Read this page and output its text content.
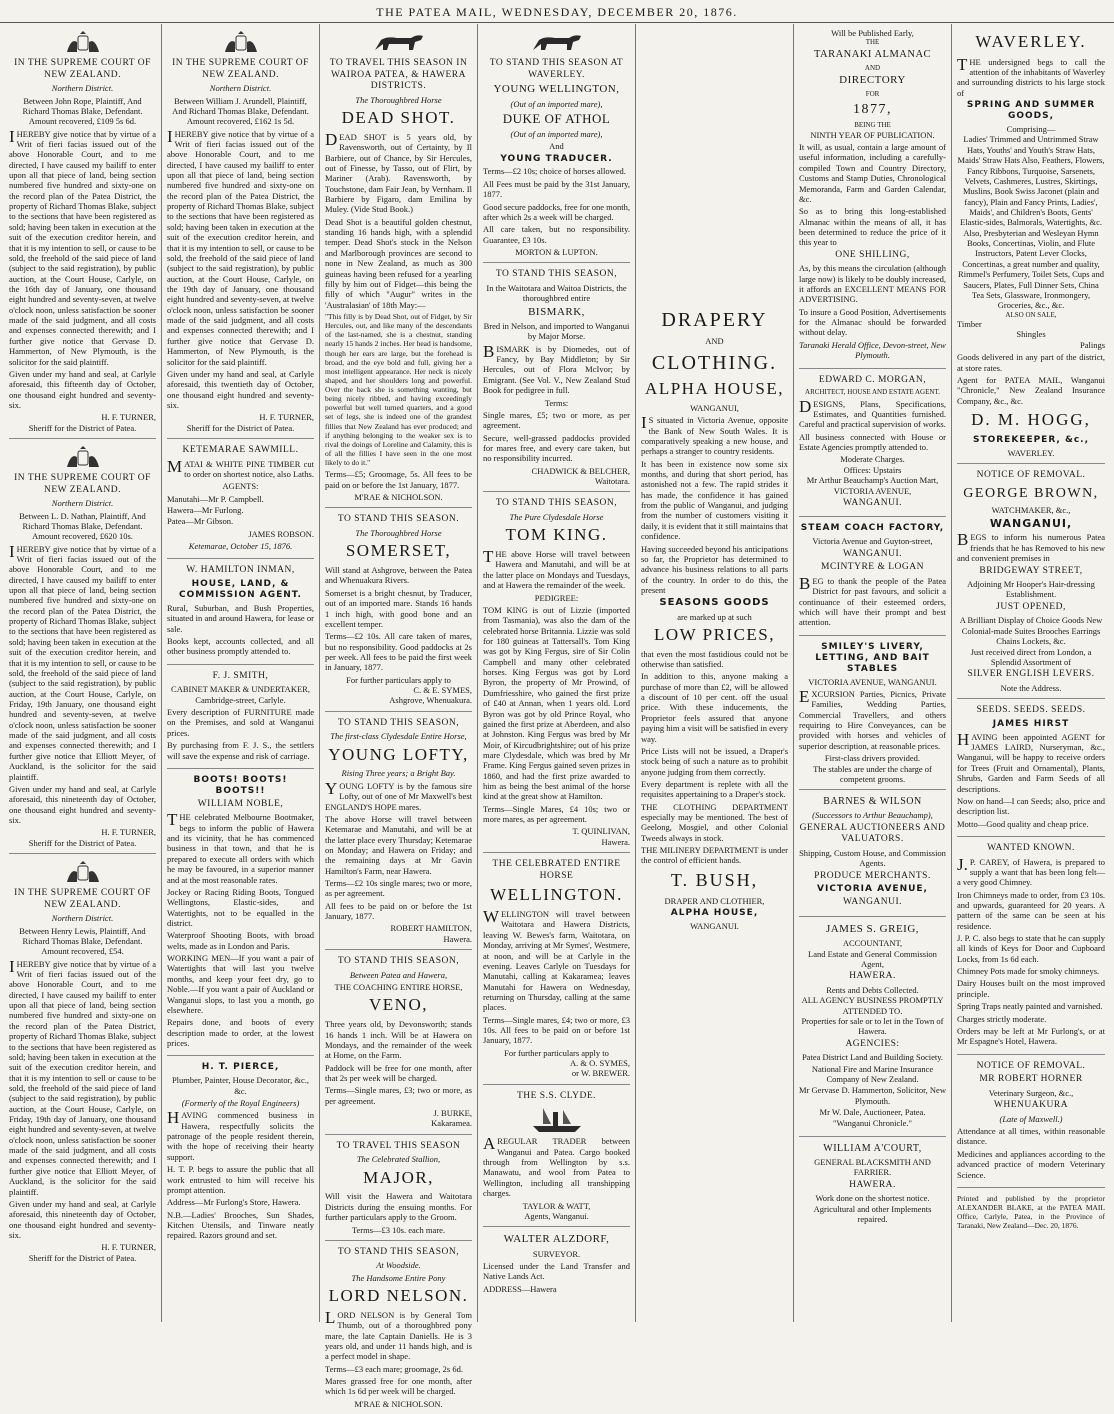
THE PATEA MAIL, WEDNESDAY, DECEMBER 20, 1876.
IN THE SUPREME COURT OF NEW ZEALAND.
Northern District.
Between John Rope, Plaintiff, And Richard Thomas Blake, Defendant.
Amount recovered, £109 5s 6d.
IHEREBY give notice that by virtue of a Writ of fieri facias issued out of the above Honorable Court, and to me directed, I have caused my bailiff to enter upon all that piece of land, being section numbered five hundred and sixty-one on the record plan of the Patea District, the property of Richard Thomas Blake, subject to the sections that have been registered as sold; having been taken in execution at the suit of the execution creditor herein, and that it is my intention to sell, or cause to be sold, the freehold of the said piece of land (subject to the said registration), by public auction, at the Court House, Carlyle, on the 16th day of January, one thousand eight hundred and seventy-seven, at twelve o'clock noon, unless satisfaction be sooner made of the said judgment, and all costs and expenses connected therewith; and I further give notice that Gervase D. Hammerton, of New Plymouth, is the solicitor for the said plaintiff.
Given under my hand and seal, at Carlyle aforesaid, this fifteenth day of October, one thousand eight hundred and seventy-six.
H. F. TURNER,
Sheriff for the District of Patea.
IN THE SUPREME COURT OF NEW ZEALAND.
Northern District.
Between L. D. Nathan, Plaintiff, And Richard Thomas Blake, Defendant.
Amount recovered, £620 10s.
IHEREBY give notice that by virtue of a Writ of fieri facias issued out of the above Honorable Court, and to me directed, I have caused my bailiff to enter upon all that piece of land, being section numbered five hundred and sixty-one on the record plan of the Patea District, the property of Richard Thomas Blake, subject to the sections that have been registered as sold; having been taken in execution at the suit of the execution creditor herein, and that it is my intention to sell, or cause to be sold, the freehold of the said piece of land (subject to the said registration), by public auction, at the Court House, Carlyle, on Friday, 19th January, one thousand eight hundred and seventy-seven, at twelve o'clock noon, unless satisfaction be sooner made of the said judgment, and all costs and expenses connected therewith; and I further give notice that Elliott Meyer, of Auckland, is the solicitor for the said plaintiff.
Given under my hand and seal, at Carlyle aforesaid, this nineteenth day of October, one thousand eight hundred and seventy-six.
H. F. TURNER,
Sheriff for the District of Patea.
IN THE SUPREME COURT OF NEW ZEALAND.
Northern District.
Between Henry Lewis, Plaintiff, And Richard Thomas Blake, Defendant.
Amount recovered, £54.
IHEREBY give notice that by virtue of a Writ of fieri facias issued out of the above Honorable Court, and to me directed, I have caused my bailiff to enter upon all that piece of land, being section numbered five hundred and sixty-one on the record plan of the Patea District, property of Richard Thomas Blake, subject to the sections that have been registered as sold; having been taken in execution at the suit of the execution creditor herein, and that it is my intention to sell or cause to be sold, the freehold of the said piece of land (subject to the said registration), by public auction, at the Court House, Carlyle, on Friday, 19th day of January, one thousand eight hundred and seventy-seven, at twelve o'clock noon, unless satisfaction be sooner made of the said judgment, and all costs and expenses connected therewith; and I further give notice that Elliott Meyer, of Auckland, is the solicitor for the said plaintiff.
Given under my hand and seal, at Carlyle aforesaid, this nineteenth day of October, one thousand eight hundred and seventy-six.
H. F. TURNER,
Sheriff for the District of Patea.
IN THE SUPREME COURT OF NEW ZEALAND.
Northern District.
Between William J. Arundell, Plaintiff, And Richard Thomas Blake, Defendant.
Amount recovered, £162 1s 5d.
IHEREBY give notice that by virtue of a Writ of fieri facias issued out of the above Honorable Court, and to me directed, I have caused my bailiff to enter upon all that piece of land, being section numbered five hundred and sixty-one on the record plan of the Patea District, the property of Richard Thomas Blake, subject to the sections that have been registered as sold; having been taken in execution at the suit of the execution creditor herein, and that it is my intention to sell, or cause to be sold, the freehold of the said piece of land (subject to the said registration), by public auction, at the Court House, Carlyle, on the 19th day of January, one thousand eight hundred and seventy-seven, at twelve o'clock noon, unless satisfaction be sooner made of the said judgment, and all costs and expenses connected therewith; and I further give notice that Gervase D. Hammerton, of New Plymouth, is the solicitor for the said plaintiff.
Given under my hand and seal, at Carlyle aforesaid, this twentieth day of October, one thousand eight hundred and seventy-six.
H. F. TURNER,
Sheriff for the District of Patea.
KETEMARAE SAWMILL.
MATAI & WHITE PINE TIMBER cut to order on shortest notice, also Laths.
AGENTS:
Manutahi—Mr P. Campbell.
Hawera—Mr Furlong.
Patea—Mr Gibson.
JAMES ROBSON.
Ketemarae, October 15, 1876.
W. HAMILTON INMAN,
HOUSE, LAND, & COMMISSION AGENT.
Rural, Suburban, and Bush Properties, situated in and around Hawera, for lease or sale.
Books kept, accounts collected, and all other business promptly attended to.
F. J. SMITH,
CABINET MAKER & UNDERTAKER, Cambridge-street, Carlyle.
Every description of FURNITURE made on the Premises, and sold at Wanganui prices.
By purchasing from F. J. S., the settlers will save the expense and risk of carriage.
BOOTS! BOOTS! BOOTS!!
WILLIAM NOBLE,
THE celebrated Melbourne Bootmaker, begs to inform the public of Hawera and its vicinity, that he has commenced business in that town, and that he is prepared to execute all orders with which he may be favoured, in a superior manner and at the most reasonable rates.
Jockey or Racing Riding Boots, Tongued Wellingtons, Elastic-sides, and Watertights, not to be equalled in the district.
Waterproof Shooting Boots, with broad welts, made as in London and Paris.
WORKING MEN—If you want a pair of Watertights that will last you twelve months, and keep your feet dry, go to Noble.—If you want a pair of Auckland or Wanganui slops, to last you a month, go elsewhere.
Repairs done, and boots of every description made to order, at the lowest prices.
H. T. PIERCE,
Plumber, Painter, House Decorator, &c., &c.
(Formerly of the Royal Engineers)
HAVING commenced business in Hawera, respectfully solicits the patronage of the people resident therein, with the hope of receiving their hearty support.
H. T. P. begs to assure the public that all work entrusted to him will receive his prompt attention.
Address—Mr Furlong's Store, Hawera.
N.B.—Ladies' Brooches, Sun Shades, Kitchen Utensils, and Tinware neatly repaired. Razors ground and set.
TO TRAVEL THIS SEASON IN WAIROA PATEA, & HAWERA DISTRICTS.
The Thoroughbred Horse
DEAD SHOT.
DEAD SHOT is 5 years old, by Ravensworth, out of Certainty, by Il Barbiere, out of Chance, by Sir Hercules, out of Finesse, by Tasso, out of Flirt, by Mariner (Arab). Ravensworth, by Touchstone, dam Fair Jean, by Vernham. Il Barbiere by Figaro, dam Emilina by Muley. (Vide Stud Book.)
Dead Shot is a beautiful golden chestnut, standing 16 hands high, with a splendid temper. Dead Shot's stock in the Nelson and Marlborough provinces are second to none in New Zealand, as much as 300 guineas having been refused for a yearling filly by him out of Fidget—this being the filly of which "Augur" writes in the 'Australasian' of 18th May:—
"This filly is by Dead Shot, out of Fidget, by Sir Hercules, out, and like many of the descendants of the last-named, she is a chestnut, standing nearly 15 hands 2 inches. Her head is handsome, though her ears are large, but the forehead is broad, and the eye bold and full, giving her a most intelligent appearance. Her neck is nicely shaped, and her shoulders long and powerful. Over the back she is something wanting, but being nicely ribbed, and having exceedingly powerful but well turned quarters, and a good set of legs, she is indeed one of the grandest fillies that New Zealand has ever produced; and if anything belonging to the weaker sex is to rival the doings of Loreline and Calamity, this is of all the fillies I have seen in the one most likely to do it."
Terms—£5; Groomage, 5s. All fees to be paid on or before the 1st January, 1877.
M'RAE & NICHOLSON.
TO STAND THIS SEASON.
The Thoroughbred Horse
SOMERSET,
Will stand at Ashgrove, between the Patea and Whenuakura Rivers.
Somerset is a bright chesnut, by Traducer, out of an imported mare. Stands 16 hands 1 inch high, with good bone and an excellent temper.
Terms—£2 10s. All care taken of mares, but no responsibility. Good paddocks at 2s per week. All fees to be paid the first week in January, 1877.
For further particulars apply to
C. & E. SYMES,
Ashgrove, Whenuakura.
TO STAND THIS SEASON,
The first-class Clydesdale Entire Horse,
YOUNG LOFTY,
Rising Three years; a Bright Bay.
YOUNG LOFTY is by the famous sire Lofty, out of one of Mr Maxwell's best ENGLAND'S HOPE mares.
The above Horse will travel between Ketemarae and Manutahi, and will be at the latter place every Thursday; Ketemarae on Monday; and Hawera on Friday; and the remaining days at Mr Gavin Hamilton's Farm, near Hawera.
Terms—£2 10s single mares; two or more, as per agreement.
All fees to be paid on or before the 1st January, 1877.
ROBERT HAMILTON,
Hawera.
TO STAND THIS SEASON,
Between Patea and Hawera,
THE COACHING ENTIRE HORSE,
VENO,
Three years old, by Devonsworth; stands 16 hands 1 inch. Will be at Hawera on Mondays, and the remainder of the week at Home, on the Farm.
Paddock will be free for one month, after that 2s per week will be charged.
Terms—Single mares, £3; two or more, as per agreement.
J. BURKE,
Kakaramea.
TO TRAVEL THIS SEASON
The Celebrated Stallion,
MAJOR,
Will visit the Hawera and Waitotara Districts during the ensuing months. For further particulars apply to the Groom.
Terms—£3 10s. each mare.
TO STAND THIS SEASON,
At Woodside.
The Handsome Entire Pony
LORD NELSON.
LORD NELSON is by General Tom Thumb, out of a thoroughbred pony mare, the late Captain Daniells. He is 3 years old, and under 11 hands high, and is a perfect model in shape.
Terms—£3 each mare; groomage, 2s 6d.
Mares grassed free for one month, after which 1s 6d per week will be charged.
M'RAE & NICHOLSON.
TO STAND THIS SEASON AT WAVERLEY.
YOUNG WELLINGTON,
(Out of an imported mare),
DUKE OF ATHOL
(Out of an imported mare),
And
YOUNG TRADUCER.
Terms—£2 10s; choice of horses allowed.
All Fees must be paid by the 31st January, 1877.
Good secure paddocks, free for one month, after which 2s a week will be charged.
All care taken, but no responsibility. Guarantee, £3 10s.
MORTON & LUPTON.
TO STAND THIS SEASON,
In the Waitotara and Waitoa Districts, the thoroughbred entire
BISMARK,
Bred in Nelson, and imported to Wanganui by Major Morse.
BISMARK is by Diomedes, out of Fancy, by Bay Middleton; by Sir Hercules, out of Flora McIvor; by Emigrant. (See Vol. V., New Zealand Stud Book for pedigree in full.
Terms:
Single mares, £5; two or more, as per agreement.
Secure, well-grassed paddocks provided for mares free, and every care taken, but no responsibility incurred.
CHADWICK & BELCHER,
Waitotara.
TO STAND THIS SEASON,
The Pure Clydesdale Horse
TOM KING.
THE above Horse will travel between Hawera and Manutahi, and will be at the latter place on Mondays and Tuesdays, and at Hawera the remainder of the week.
PEDIGREE:
TOM KING is out of Lizzie (imported from Tasmania), was also the dam of the celebrated horse Britannia. Lizzie was sold for 180 guineas at Tattersall's. Tom King was got by King Fergus, sire of Sir Colin Campbell and many other celebrated horses. King Fergus was got by Lord Byron, the property of Mr Prowind, of Dumfriesshire, who gained the first prize of £40 at Annan, when 1 years old. Lord Byron was got by old Prince Royal, who gained the first prize at Aberdeen, and also at Johnston. King Fergus was bred by Mr Moir, of Kircudbrightshire; out of his prize mare Clydesdale, which was bred by Mr Frame. King Fergus gained seven prizes in 1860, and had the first prize awarded to him as being the best animal of the horse kind at the great show at Hamilton.
Terms—Single Mares, £4 10s; two or more mares, as per agreement.
T. QUINLIVAN,
Hawera.
THE CELEBRATED ENTIRE HORSE
WELLINGTON.
WELLINGTON will travel between Waitotara and Hawera Districts, leaving W. Bewes's farm, Waitotara, on Monday, arriving at Mr Symes', Westmere, at noon, and will be at Carlyle in the evening. Leaves Carlyle on Tuesdays for Manutahi, calling at Kakaramea; leaves Manutahi for Hawera on Wednesday, returning on Thursday, calling at the same places.
Terms—Single mares, £4; two or more, £3 10s. All fees to be paid on or before 1st January, 1877.
For further particulars apply to
A. & O. SYMES,
or W. BREWER.
THE S.S. CLYDE.
AREGULAR TRADER between Wanganui and Patea. Cargo booked through from Wellington by s.s. Manawatu, and wool from Patea to Wellington, including all transhipping charges.
TAYLOR & WATT,
Agents, Wanganui.
WALTER ALZDORF,
SURVEYOR.
Licensed under the Land Transfer and Native Lands Act.
ADDRESS—Hawera
DRAPERY
AND
CLOTHING.
ALPHA HOUSE,
WANGANUI,
IS situated in Victoria Avenue, opposite the Bank of New South Wales. It is comparatively speaking a new house, and perhaps a stranger to country residents.
It has been in existence now some six months, and during that short period, has astonished not a few. The rapid strides it has made, the confidence it has gained from the public of Wanganui, and judging from the number of customers visiting it daily, it is evident that it still maintains that confidence.
Having succeeded beyond his anticipations so far, the Proprietor has determined to advance his business relations to all parts of the country. In order to do this, the present
SEASONS GOODS
are marked up at such
LOW PRICES,
that even the most fastidious could not be otherwise than satisfied.
In addition to this, anyone making a purchase of more than £2, will be allowed a discount of 10 per cent. off the usual price. With these inducements, the Proprietor feels assured that anyone paying him a visit will be satisfied in every way.
Price Lists will not be issued, a Draper's stock being of such a nature as to prohibit anyone judging from them correctly.
Every department is replete with all the requisites appertaining to a Draper's stock.
THE CLOTHING DEPARTMENT especially may be mentioned. The best of Geelong, Mosgiel, and other Colonial Tweeds always in stock.
THE MILINERY DEPARTMENT is under the control of efficient hands.
T. BUSH,
DRAPER AND CLOTHIER,
ALPHA HOUSE,
WANGANUI.
Will be Published Early,
THE
TARANAKI ALMANAC
AND
DIRECTORY
FOR
1877,
BEING THE
NINTH YEAR OF PUBLICATION.
It will, as usual, contain a large amount of useful information, including a carefully-compiled Town and Country Directory, Customs and Stamp Duties, Chronological Memoranda, Farm and Garden Calendar, &c.
So as to bring this long-established Almanac within the means of all, it has been determined to reduce the price of it this year to
ONE SHILLING,
As, by this means the circulation (although large now) is likely to be doubly increased, it affords an EXCELLENT MEANS FOR ADVERTISING.
To insure a Good Position, Advertisements for the Almanac should be forwarded without delay.
Taranaki Herald Office, Devon-street, New Plymouth.
EDWARD C. MORGAN,
ARCHITECT, HOUSE AND ESTATE AGENT.
DESIGNS, Plans, Specifications, Estimates, and Quantities furnished. Careful and practical supervision of works.
All business connected with House or Estate Agencies promptly attended to.
Moderate Charges.
Offices: Upstairs
Mr Arthur Beauchamp's Auction Mart, VICTORIA AVENUE,
WANGANUI.
STEAM COACH FACTORY,
Victoria Avenue and Guyton-street,
WANGANUI.
MCINTYRE & LOGAN
BEG to thank the people of the Patea District for past favours, and solicit a continuance of their esteemed orders, which will have their prompt and best attention.
SMILEY'S LIVERY, LETTING, AND BAIT STABLES
VICTORIA AVENUE, WANGANUI.
EXCURSION Parties, Picnics, Private Families, Wedding Parties, Commercial Travellers, and others requiring to Hire Conveyances, can be provided with horses and vehicles of superior description, at reasonable prices.
First-class drivers provided.
The stables are under the charge of competent grooms.
BARNES & WILSON
(Successors to Arthur Beauchamp),
GENERAL AUCTIONEERS AND VALUATORS.
Shipping, Custom House, and Commission Agents.
PRODUCE MERCHANTS.
VICTORIA AVENUE,
WANGANUI.
JAMES S. GREIG,
ACCOUNTANT,
Land Estate and General Commission Agent,
HAWERA.
Rents and Debts Collected.
ALL AGENCY BUSINESS PROMPTLY ATTENDED TO.
Properties for sale or to let in the Town of Hawera.
AGENCIES:
Patea District Land and Building Society.
National Fire and Marine Insurance Company of New Zealand.
Mr Gervase D. Hammerton, Solicitor, New Plymouth.
Mr W. Dale, Auctioneer, Patea.
"Wanganui Chronicle."
WILLIAM A'COURT,
GENERAL BLACKSMITH AND FARRIER.
HAWERA.
Work done on the shortest notice.
Agricultural and other Implements repaired.
WAVERLEY.
THE undersigned begs to call the attention of the inhabitants of Waverley and surrounding districts to his large stock of
SPRING AND SUMMER GOODS,
Comprising—
Ladies' Trimmed and Untrimmed Straw Hats, Youths' and Youth's Straw Hats, Maids' Straw Hats Also, Feathers, Flowers, Fancy Ribbons, Turquoise, Sarsenets, Velvets, Cashmeres, Lustres, Skirtings, Muslins, Book Swiss Jaconet (plain and fancy), Plain and Fancy Prints, Ladies', Maids', and Children's Boots, Gents' Elastic-sides, Balmorals, Watertights, &c.
Also, Presbyterian and Wesleyan Hymn Books, Concertinas, Violin, and Flute Instructors, Patent Lever Clocks, Concertinas, a great number and quality, Rimmel's Perfumery, Toilet Sets, Cups and Saucers, Plates, Full Dinner Sets, China Tea Sets, Glassware, Ironmongery, Groceries, &c., &c.
ALSO ON SALE,
Timber
Shingles
Palings
Goods delivered in any part of the district, at store rates.
Agent for PATEA MAIL, Wanganui "Chronicle," New Zealand Insurance Company, &c., &c.
D. M. HOGG,
STOREKEEPER, &c.,
WAVERLEY.
NOTICE OF REMOVAL.
GEORGE BROWN,
WATCHMAKER, &c.,
WANGANUI,
BEGS to inform his numerous Patea friends that he has Removed to his new and convenient premises in
BRIDGEWAY STREET,
Adjoining Mr Hooper's Hair-dressing Establishment.
JUST OPENED,
A Brilliant Display of Choice Goods New Colonial-made Suites Brooches Earrings Chains Lockets, &c.
Just received direct from London, a Splendid Assortment of
SILVER ENGLISH LEVERS.
Note the Address.
SEEDS. SEEDS. SEEDS.
JAMES HIRST
HAVING been appointed AGENT for JAMES LAIRD, Nurseryman, &c., Wanganui, will be happy to receive orders for Trees (Fruit and Ornamental), Plants, Shrubs, Garden and Farm Seeds of all descriptions.
Now on hand—I can Seeds; also, price and description list.
Motto—Good quality and cheap price.
WANTED KNOWN.
J.P. CAREY, of Hawera, is prepared to supply a want that has been long felt—a very good Chimney.
Iron Chimneys made to order, from £3 10s. and upwards, guaranteed for 20 years. A pattern of the same can be seen at his residence.
J. P. C. also begs to state that he can supply all kinds of Keys for Door and Cupboard Locks, from 1s 6d each.
Chimney Pots made for smoky chimneys.
Dairy Houses built on the most improved principle.
Spring Traps neatly painted and varnished.
Charges strictly moderate.
Orders may be left at Mr Furlong's, or at Mr Espagne's Hotel, Hawera.
NOTICE OF REMOVAL.
MR ROBERT HORNER
Veterinary Surgeon, &c.,
WHENUAKURA
(Late of Maxwell.)
Attendance at all times, within reasonable distance.
Medicines and appliances according to the advanced practice of modern Veterinary Science.
Printed and published by the proprietor ALEXANDER BLAKE, at the PATEA MAIL Office, Carlyle, Patea, in the Province of Taranaki, New Zealand—Dec. 20, 1876.
